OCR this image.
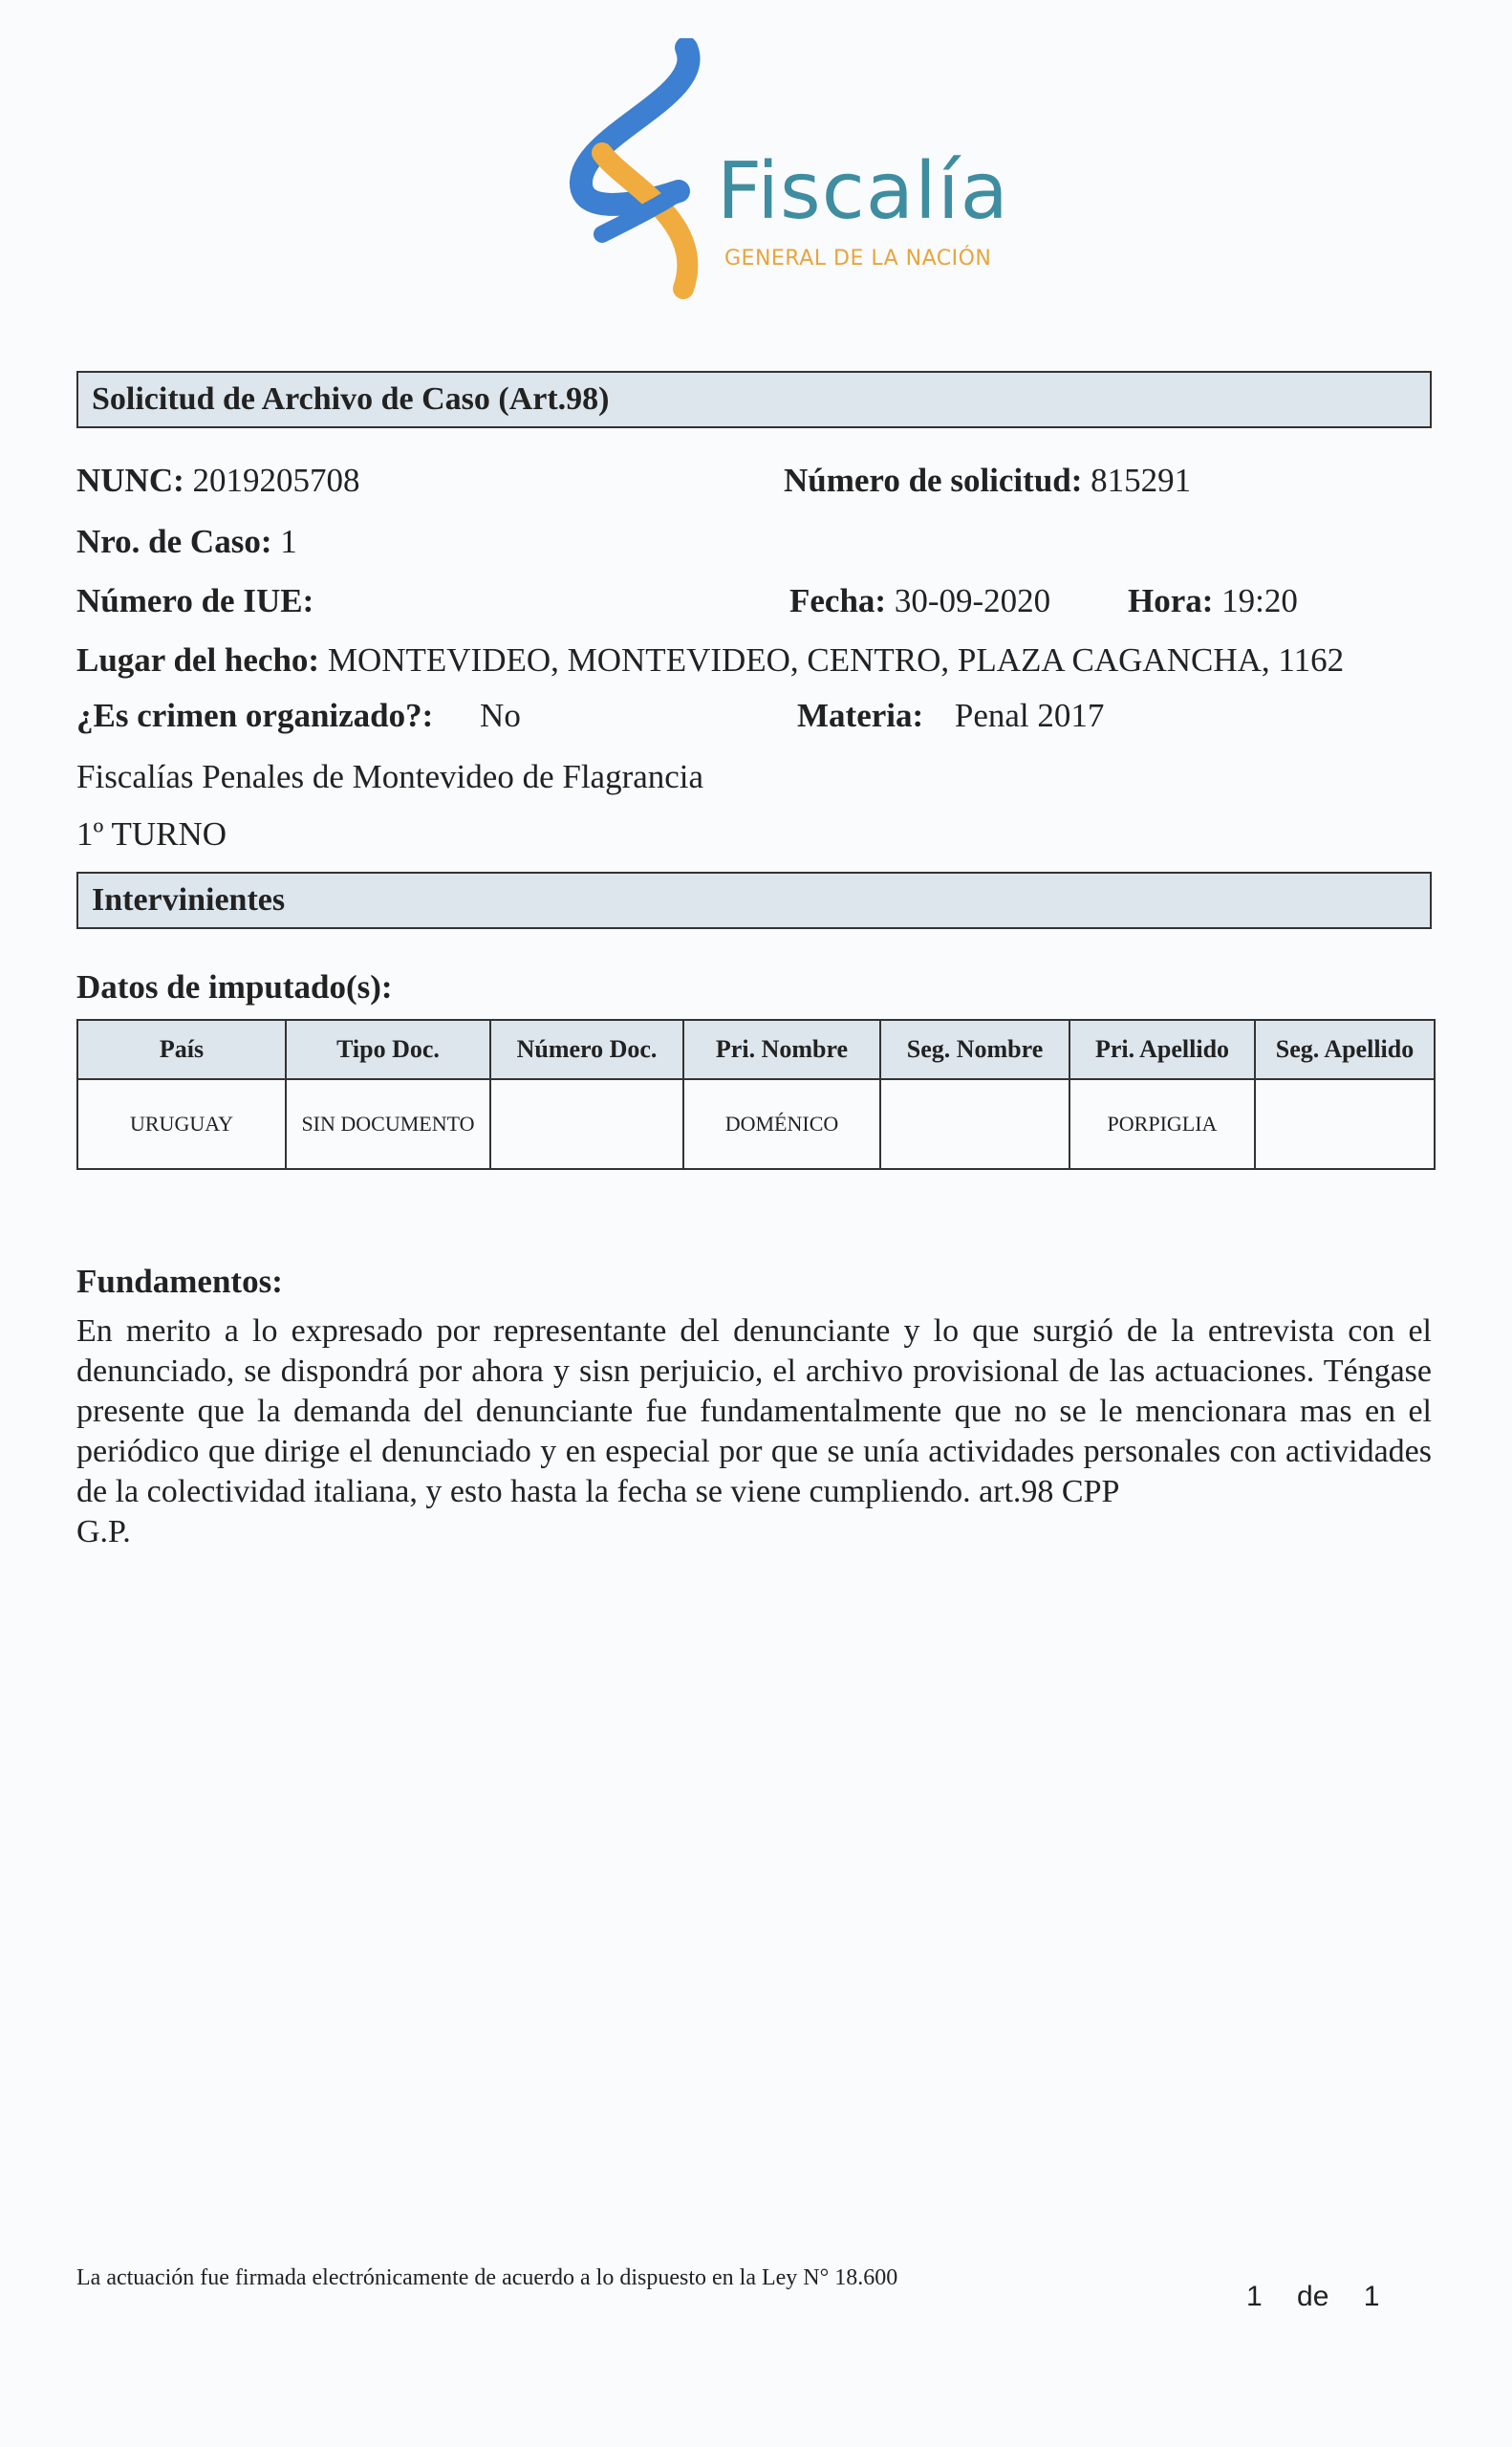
Fiscalía
GENERAL DE LA NACIÓN
Solicitud de Archivo de Caso (Art.98)
NUNC: 2019205708	Número de solicitud: 815291
Nro. de Caso: 1
Número de IUE:	Fecha: 30-09-2020 Hora: 19:20
Lugar del hecho: MONTEVIDEO, MONTEVIDEO, CENTRO, PLAZA CAGANCHA, 1162
¿Es crimen organizado?: No	Materia: Penal 2017
Fiscalías Penales de Montevideo de Flagrancia
1º TURNO
Intervinientes
Datos de imputado(s):
País	Tipo Doc.	Número Doc.	Pri. Nombre	Seg. Nombre	Pri. Apellido	Seg. Apellido
URUGUAY	SIN DOCUMENTO		DOMÉNICO		PORPIGLIA	
Fundamentos:
En merito a lo expresado por representante del denunciante y lo que surgió de la entrevista con el denunciado, se dispondrá por ahora y sisn perjuicio, el archivo provisional de las actuaciones. Téngase presente que la demanda del denunciante fue fundamentalmente que no se le mencionara mas en el periódico que dirige el denunciado y en especial por que se unía actividades personales con actividades de la colectividad italiana, y esto hasta la fecha se viene cumpliendo. art.98 CPP
G.P.
La actuación fue firmada electrónicamente de acuerdo a lo dispuesto en la Ley N° 18.600
1 de 1
